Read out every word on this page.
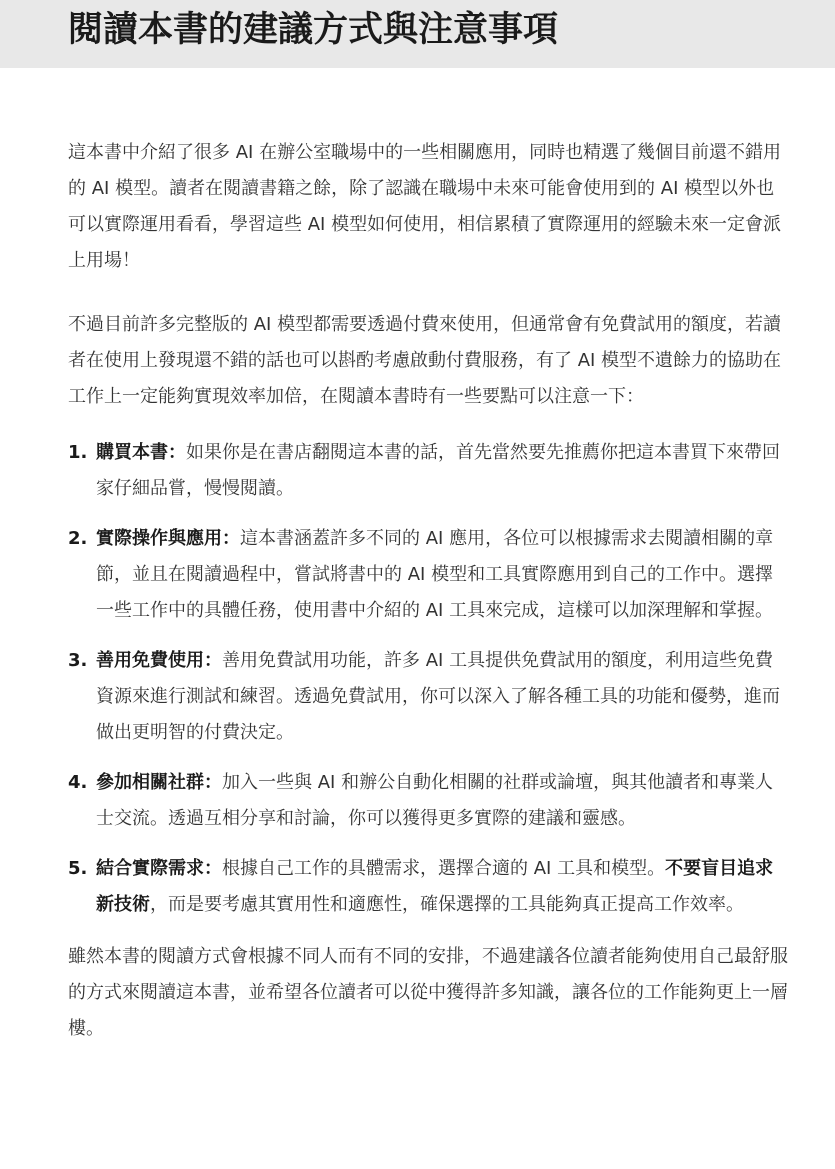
閱讀本書的建議方式與注意事項

這本書中介紹了很多 AI 在辦公室職場中的一些相關應用，同時也精選了幾個目前還不錯用的 AI 模型。讀者在閱讀書籍之餘，除了認識在職場中未來可能會使用到的 AI 模型以外也可以實際運用看看，學習這些 AI 模型如何使用，相信累積了實際運用的經驗未來一定會派上用場！

不過目前許多完整版的 AI 模型都需要透過付費來使用，但通常會有免費試用的額度，若讀者在使用上發現還不錯的話也可以斟酌考慮啟動付費服務，有了 AI 模型不遺餘力的協助在工作上一定能夠實現效率加倍，在閱讀本書時有一些要點可以注意一下：

1. 購買本書：如果你是在書店翻閱這本書的話，首先當然要先推薦你把這本書買下來帶回家仔細品嘗，慢慢閱讀。
2. 實際操作與應用：這本書涵蓋許多不同的 AI 應用，各位可以根據需求去閱讀相關的章節，並且在閱讀過程中，嘗試將書中的 AI 模型和工具實際應用到自己的工作中。選擇一些工作中的具體任務，使用書中介紹的 AI 工具來完成，這樣可以加深理解和掌握。
3. 善用免費使用：善用免費試用功能，許多 AI 工具提供免費試用的額度，利用這些免費資源來進行測試和練習。透過免費試用，你可以深入了解各種工具的功能和優勢，進而做出更明智的付費決定。
4. 參加相關社群：加入一些與 AI 和辦公自動化相關的社群或論壇，與其他讀者和專業人士交流。透過互相分享和討論，你可以獲得更多實際的建議和靈感。
5. 結合實際需求：根據自己工作的具體需求，選擇合適的 AI 工具和模型。不要盲目追求新技術，而是要考慮其實用性和適應性，確保選擇的工具能夠真正提高工作效率。

雖然本書的閱讀方式會根據不同人而有不同的安排，不過建議各位讀者能夠使用自己最舒服的方式來閱讀這本書，並希望各位讀者可以從中獲得許多知識，讓各位的工作能夠更上一層樓。
